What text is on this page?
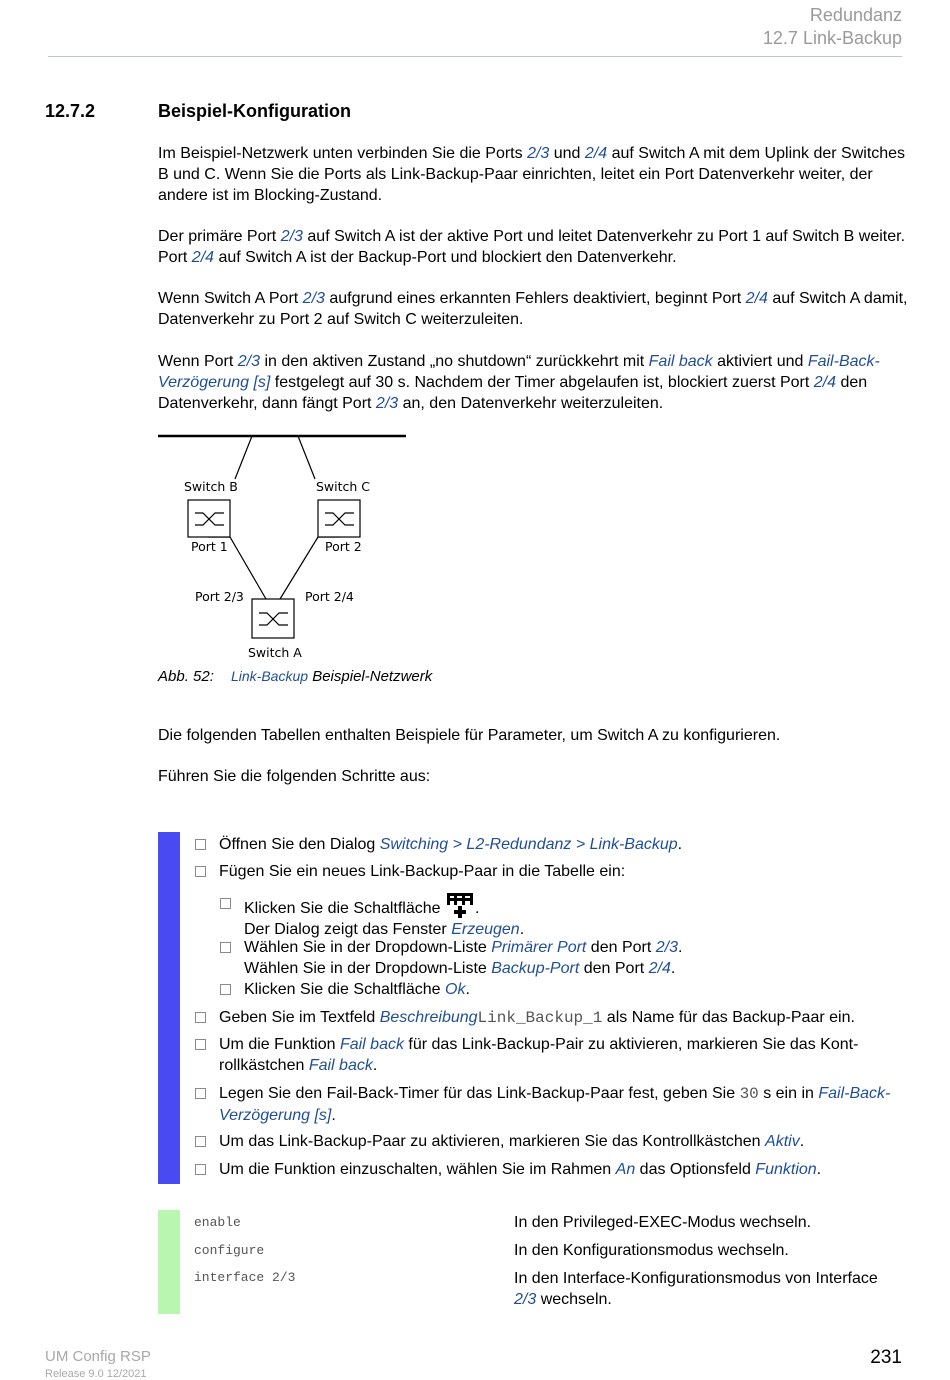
Redundanz
12.7 Link-Backup
12.7.2	Beispiel-Konfiguration
Im Beispiel-Netzwerk unten verbinden Sie die Ports 2/3 und 2/4 auf Switch A mit dem Uplink der Switches B und C. Wenn Sie die Ports als Link-Backup-Paar einrichten, leitet ein Port Datenverkehr weiter, der andere ist im Blocking-Zustand.
Der primäre Port 2/3 auf Switch A ist der aktive Port und leitet Datenverkehr zu Port 1 auf Switch B weiter. Port 2/4 auf Switch A ist der Backup-Port und blockiert den Datenverkehr.
Wenn Switch A Port 2/3 aufgrund eines erkannten Fehlers deaktiviert, beginnt Port 2/4 auf Switch A damit, Datenverkehr zu Port 2 auf Switch C weiterzuleiten.
Wenn Port 2/3 in den aktiven Zustand „no shutdown“ zurückkehrt mit Fail back aktiviert und Fail-Back-Verzögerung [s] festgelegt auf 30 s. Nachdem der Timer abgelaufen ist, blockiert zuerst Port 2/4 den Datenverkehr, dann fängt Port 2/3 an, den Datenverkehr weiterzuleiten.
Switch B	Switch C
Port 1	Port 2
Port 2/3	Port 2/4
Switch A
Abb. 52: Link-Backup Beispiel-Netzwerk
Die folgenden Tabellen enthalten Beispiele für Parameter, um Switch A zu konfigurieren.
Führen Sie die folgenden Schritte aus:
Öffnen Sie den Dialog Switching > L2-Redundanz > Link-Backup.
Fügen Sie ein neues Link-Backup-Paar in die Tabelle ein:
Klicken Sie die Schaltfläche .
Der Dialog zeigt das Fenster Erzeugen.
Wählen Sie in der Dropdown-Liste Primärer Port den Port 2/3.
Wählen Sie in der Dropdown-Liste Backup-Port den Port 2/4.
Klicken Sie die Schaltfläche Ok.
Geben Sie im Textfeld BeschreibungLink_Backup_1 als Name für das Backup-Paar ein.
Um die Funktion Fail back für das Link-Backup-Pair zu aktivieren, markieren Sie das Kontrollkästchen Fail back.
Legen Sie den Fail-Back-Timer für das Link-Backup-Paar fest, geben Sie 30 s ein in Fail-Back-Verzögerung [s].
Um das Link-Backup-Paar zu aktivieren, markieren Sie das Kontrollkästchen Aktiv.
Um die Funktion einzuschalten, wählen Sie im Rahmen An das Optionsfeld Funktion.
enable	In den Privileged-EXEC-Modus wechseln.
configure	In den Konfigurationsmodus wechseln.
interface 2/3	In den Interface-Konfigurationsmodus von Interface 2/3 wechseln.
UM Config RSP
Release 9.0 12/2021
231
